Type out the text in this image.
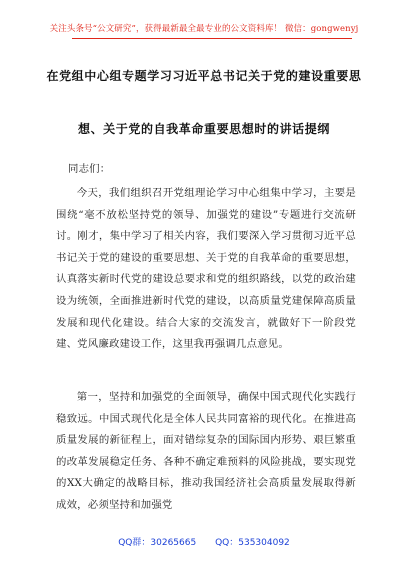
关注头条号“公文研究”，获得最新最全最专业的公文资料库！ 微信：gongwenyj
在党组中心组专题学习习近平总书记关于党的建设重要思
想、关于党的自我革命重要思想时的讲话提纲
同志们：
今天，我们组织召开党组理论学习中心组集中学习，主要是围绕“毫不放松坚持党的领导、加强党的建设”专题进行交流研讨。刚才，集中学习了相关内容，我们要深入学习贯彻习近平总书记关于党的建设的重要思想、关于党的自我革命的重要思想，认真落实新时代党的建设总要求和党的组织路线，以党的政治建设为统领，全面推进新时代党的建设，以高质量党建保障高质量发展和现代化建设。结合大家的交流发言，就做好下一阶段党建、党风廉政建设工作，这里我再强调几点意见。
第一，坚持和加强党的全面领导，确保中国式现代化实践行稳致远。中国式现代化是全体人民共同富裕的现代化。在推进高质量发展的新征程上，面对错综复杂的国际国内形势、艰巨繁重的改革发展稳定任务、各种不确定难预料的风险挑战，要实现党的XX大确定的战略目标，推动我国经济社会高质量发展取得新成效，必须坚持和加强党
QQ群：30265665 QQ：535304092
